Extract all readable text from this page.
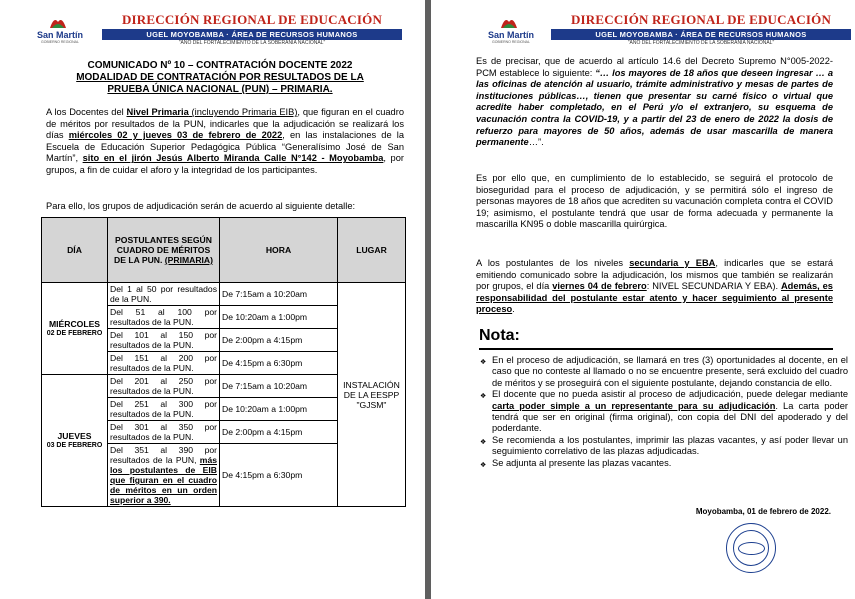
San Martín
GOBIERNO REGIONAL
DIRECCIÓN REGIONAL DE EDUCACIÓN
UGEL MOYOBAMBA · ÁREA DE RECURSOS HUMANOS
"AÑO DEL FORTALECIMIENTO DE LA SOBERANÍA NACIONAL"
COMUNICADO Nº 10 – CONTRATACIÓN DOCENTE 2022
MODALIDAD DE CONTRATACIÓN POR RESULTADOS DE LA
PRUEBA ÚNICA NACIONAL (PUN) – PRIMARIA.
A los Docentes del Nivel Primaria (incluyendo Primaria EIB), que figuran en el cuadro de méritos por resultados de la PUN, indicarles que la adjudicación se realizará los días miércoles 02 y jueves 03 de febrero de 2022, en las instalaciones de la Escuela de Educación Superior Pedagógica Pública “Generalísimo José de San Martín”, sito en el jirón Jesús Alberto Miranda Calle N°142 - Moyobamba, por grupos, a fin de cuidar el aforo y la integridad de los participantes.
Para ello, los grupos de adjudicación serán de acuerdo al siguiente detalle:
DÍA	POSTULANTES SEGÚN CUADRO DE MÉRITOS DE LA PUN. (PRIMARIA)	HORA	LUGAR
MIÉRCOLES
02 DE FEBRERO	Del 1 al 50 por resultados de la PUN.	De 7:15am a 10:20am	INSTALACIÓN DE LA EESPP "GJSM"
	Del 51 al 100 por resultados de la PUN.	De 10:20am a 1:00pm	
	Del 101 al 150 por resultados de la PUN.	De 2:00pm a 4:15pm	
	Del 151 al 200 por resultados de la PUN.	De 4:15pm a 6:30pm	
JUEVES
03 DE FEBRERO	Del 201 al 250 por resultados de la PUN.	De 7:15am a 10:20am	
	Del 251 al 300 por resultados de la PUN.	De 10:20am a 1:00pm	
	Del 301 al 350 por resultados de la PUN.	De 2:00pm a 4:15pm	
	Del 351 al 390 por resultados de la PUN, más los postulantes de EIB que figuran en el cuadro de méritos en un orden superior a 390.	De 4:15pm a 6:30pm	
San Martín
GOBIERNO REGIONAL
DIRECCIÓN REGIONAL DE EDUCACIÓN
UGEL MOYOBAMBA · ÁREA DE RECURSOS HUMANOS
"AÑO DEL FORTALECIMIENTO DE LA SOBERANÍA NACIONAL"
Es de precisar, que de acuerdo al artículo 14.6 del Decreto Supremo N°005-2022-PCM establece lo siguiente: “… los mayores de 18 años que deseen ingresar … a las oficinas de atención al usuario, trámite administrativo y mesas de partes de instituciones públicas…, tienen que presentar su carné físico o virtual que acredite haber completado, en el Perú y/o el extranjero, su esquema de vacunación contra la COVID-19, y a partir del 23 de enero de 2022 la dosis de refuerzo para mayores de 50 años, además de usar mascarilla de manera permanente…”.
Es por ello que, en cumplimiento de lo establecido, se seguirá el protocolo de bioseguridad para el proceso de adjudicación, y se permitirá sólo el ingreso de personas mayores de 18 años que acrediten su vacunación completa contra el COVID 19; asimismo, el postulante tendrá que usar de forma adecuada y permanente la mascarilla KN95 o doble mascarilla quirúrgica.
A los postulantes de los niveles secundaria y EBA, indicarles que se estará emitiendo comunicado sobre la adjudicación, los mismos que también se realizarán por grupos, el día viernes 04 de febrero: NIVEL SECUNDARIA Y EBA). Además, es responsabilidad del postulante estar atento y hacer seguimiento al presente proceso.
Nota:
❖ En el proceso de adjudicación, se llamará en tres (3) oportunidades al docente, en el caso que no conteste al llamado o no se encuentre presente, será excluido del cuadro de méritos y se proseguirá con el siguiente postulante, dejando constancia de ello.
❖ El docente que no pueda asistir al proceso de adjudicación, puede delegar mediante carta poder simple a un representante para su adjudicación. La carta poder tendrá que ser en original (firma original), con copia del DNI del apoderado y del poderdante.
❖ Se recomienda a los postulantes, imprimir las plazas vacantes, y así poder llevar un seguimiento correlativo de las plazas adjudicadas.
❖ Se adjunta al presente las plazas vacantes.
Moyobamba, 01 de febrero de 2022.
